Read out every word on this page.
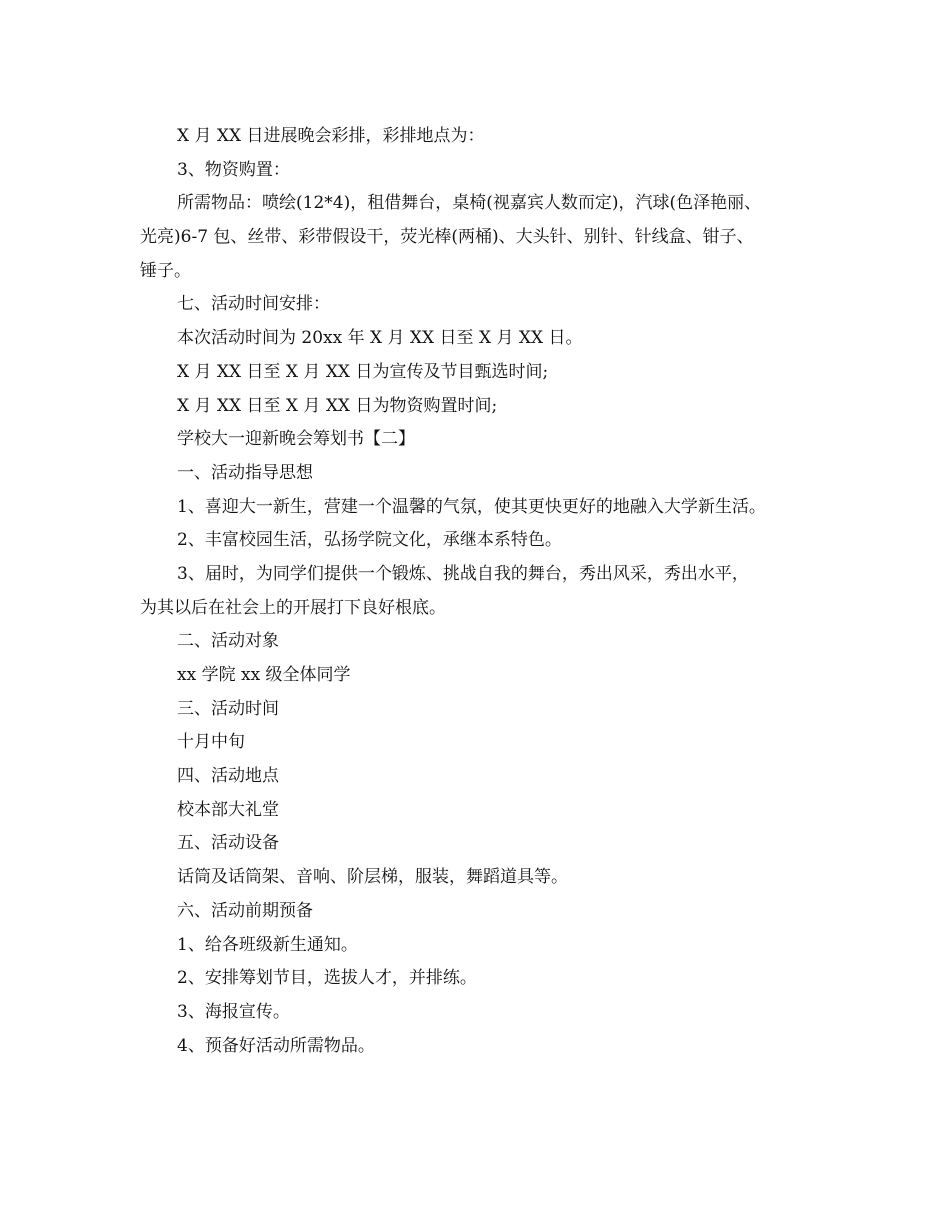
X 月 XX 日进展晚会彩排，彩排地点为：

3、物资购置：

所需物品：喷绘(12*4)，租借舞台，桌椅(视嘉宾人数而定)，汽球(色泽艳丽、

光亮)6-7 包、丝带、彩带假设干，荧光棒(两桶)、大头针、别针、针线盒、钳子、

锤子。

七、活动时间安排：

本次活动时间为 20xx 年 X 月 XX 日至 X 月 XX 日。

X 月 XX 日至 X 月 XX 日为宣传及节目甄选时间;

X 月 XX 日至 X 月 XX 日为物资购置时间;

学校大一迎新晚会筹划书【二】

一、活动指导思想

1、喜迎大一新生，营建一个温馨的气氛，使其更快更好的地融入大学新生活。

2、丰富校园生活，弘扬学院文化，承继本系特色。

3、届时，为同学们提供一个锻炼、挑战自我的舞台，秀出风采，秀出水平，

为其以后在社会上的开展打下良好根底。

二、活动对象

xx 学院 xx 级全体同学

三、活动时间

十月中旬

四、活动地点

校本部大礼堂

五、活动设备

话筒及话筒架、音响、阶层梯，服装，舞蹈道具等。

六、活动前期预备

1、给各班级新生通知。

2、安排筹划节目，选拔人才，并排练。

3、海报宣传。

4、预备好活动所需物品。
